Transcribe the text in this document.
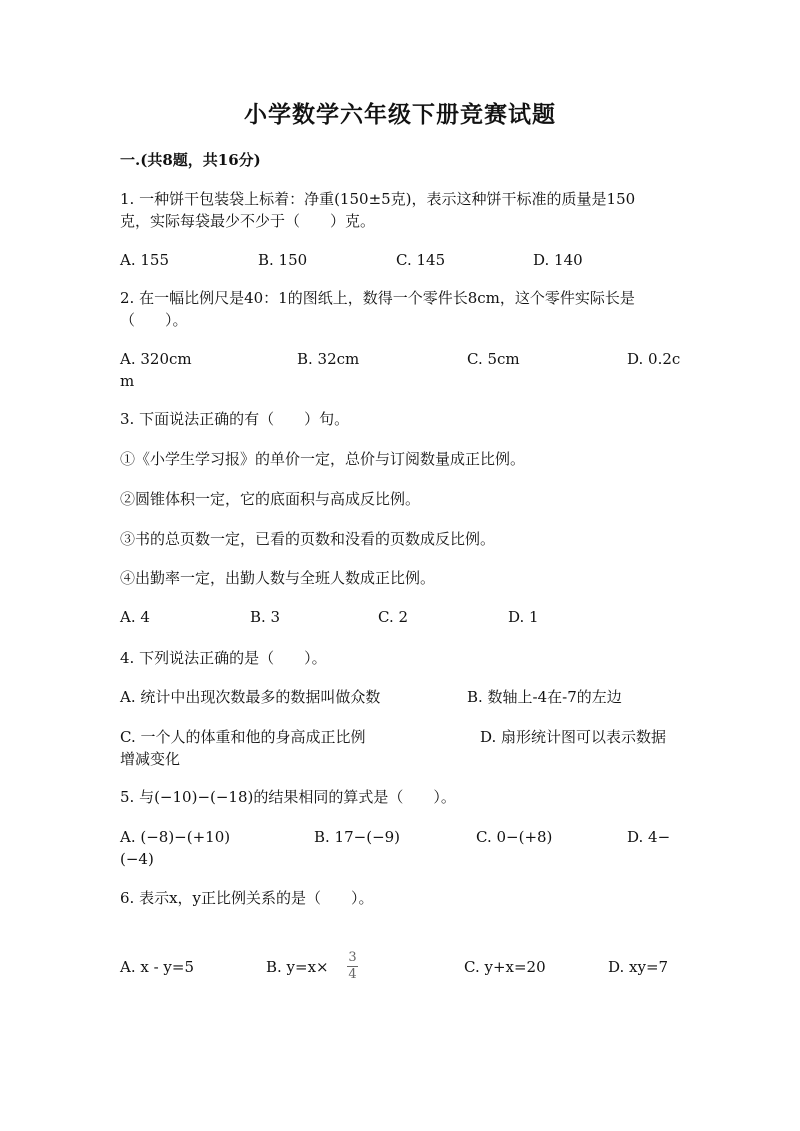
小学数学六年级下册竞赛试题
一.(共8题，共16分)
1. 一种饼干包装袋上标着：净重(150±5克)，表示这种饼干标准的质量是150
克，实际每袋最少不少于（　　）克。
A. 155	B. 150	C. 145	D. 140
2. 在一幅比例尺是40：1的图纸上，数得一个零件长8cm，这个零件实际长是
（　　）。
A. 320cm	B. 32cm	C. 5cm	D. 0.2c
m
3. 下面说法正确的有（　　）句。
①《小学生学习报》的单价一定，总价与订阅数量成正比例。
②圆锥体积一定，它的底面积与高成反比例。
③书的总页数一定，已看的页数和没看的页数成反比例。
④出勤率一定，出勤人数与全班人数成正比例。
A. 4	B. 3	C. 2	D. 1
4. 下列说法正确的是（　　）。
A. 统计中出现次数最多的数据叫做众数	B. 数轴上-4在-7的左边
C. 一个人的体重和他的身高成正比例	D. 扇形统计图可以表示数据
增减变化
5. 与(−10)−(−18)的结果相同的算式是（　　）。
A. (−8)−(+10)	B. 17−(−9)	C. 0−(+8)	D. 4−
(−4)
6. 表示x，y正比例关系的是（　　）。
A. x - y=5	B. y=x×
3
4	C. y+x=20	D. xy=7
